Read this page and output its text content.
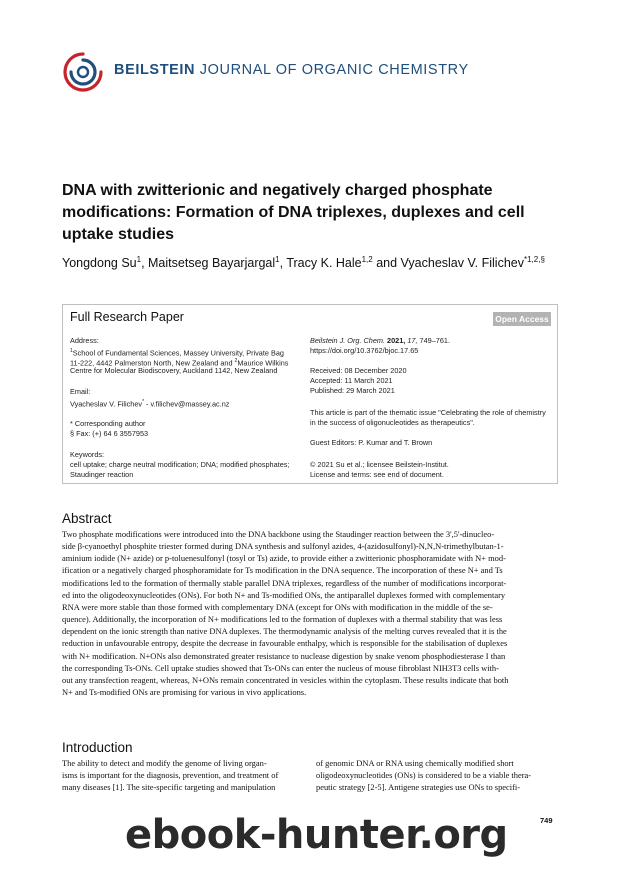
BEILSTEIN JOURNAL OF ORGANIC CHEMISTRY
DNA with zwitterionic and negatively charged phosphate modifications: Formation of DNA triplexes, duplexes and cell uptake studies
Yongdong Su$^1$, Maitsetseg Bayarjargal$^1$, Tracy K. Hale$^{1,2}$ and Vyacheslav V. Filichev$^{*1,2,\S}$
Full Research Paper	Open Access
Address:
$^1$School of Fundamental Sciences, Massey University, Private Bag
11-222, 4442 Palmerston North, New Zealand and $^2$Maurice Wilkins
Centre for Molecular Biodiscovery, Auckland 1142, New Zealand
Email:
Vyacheslav V. Filichev* - v.filichev@massey.ac.nz
* Corresponding author
§ Fax: (+) 64 6 3557953
Keywords:
cell uptake; charge neutral modification; DNA; modified phosphates;
Staudinger reaction
Beilstein J. Org. Chem. 2021, 17, 749–761.
https://doi.org/10.3762/bjoc.17.65
Received: 08 December 2020
Accepted: 11 March 2021
Published: 29 March 2021
This article is part of the thematic issue "Celebrating the role of chemistry
in the success of oligonucleotides as therapeutics".
Guest Editors: P. Kumar and T. Brown
© 2021 Su et al.; licensee Beilstein-Institut.
License and terms: see end of document.
Abstract
Two phosphate modifications were introduced into the DNA backbone using the Staudinger reaction between the 3',5'-dinucleo-
side β-cyanoethyl phosphite triester formed during DNA synthesis and sulfonyl azides, 4-(azidosulfonyl)-N,N,N-trimethylbutan-1-
aminium iodide (N+ azide) or p-toluenesulfonyl (tosyl or Ts) azide, to provide either a zwitterionic phosphoramidate with N+ mod-
ification or a negatively charged phosphoramidate for Ts modification in the DNA sequence. The incorporation of these N+ and Ts
modifications led to the formation of thermally stable parallel DNA triplexes, regardless of the number of modifications incorporat-
ed into the oligodeoxynucleotides (ONs). For both N+ and Ts-modified ONs, the antiparallel duplexes formed with complementary
RNA were more stable than those formed with complementary DNA (except for ONs with modification in the middle of the se-
quence). Additionally, the incorporation of N+ modifications led to the formation of duplexes with a thermal stability that was less
dependent on the ionic strength than native DNA duplexes. The thermodynamic analysis of the melting curves revealed that it is the
reduction in unfavourable entropy, despite the decrease in favourable enthalpy, which is responsible for the stabilisation of duplexes
with N+ modification. N+ONs also demonstrated greater resistance to nuclease digestion by snake venom phosphodiesterase I than
the corresponding Ts-ONs. Cell uptake studies showed that Ts-ONs can enter the nucleus of mouse fibroblast NIH3T3 cells with-
out any transfection reagent, whereas, N+ONs remain concentrated in vesicles within the cytoplasm. These results indicate that both
N+ and Ts-modified ONs are promising for various in vivo applications.
Introduction
The ability to detect and modify the genome of living organ-
isms is important for the diagnosis, prevention, and treatment of
many diseases [1]. The site-specific targeting and manipulation
of genomic DNA or RNA using chemically modified short
oligodeoxynucleotides (ONs) is considered to be a viable thera-
peutic strategy [2-5]. Antigene strategies use ONs to specifi-
749
ebook-hunter.org
